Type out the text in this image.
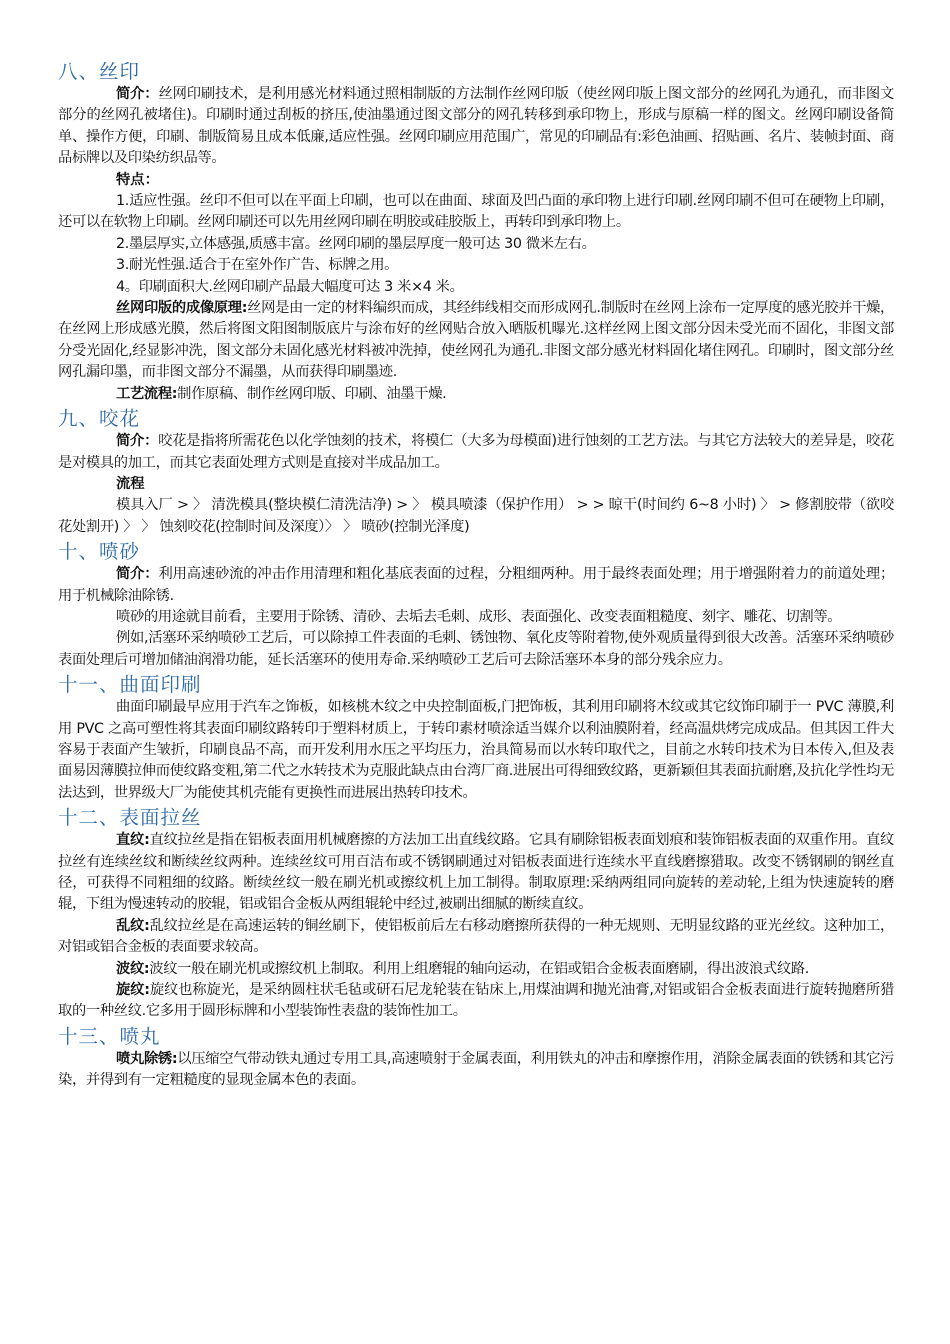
八、丝印

简介：丝网印刷技术，是利用感光材料通过照相制版的方法制作丝网印版（使丝网印版上图文部分的丝网孔为通孔，而非图文部分的丝网孔被堵住)。印刷时通过刮板的挤压,使油墨通过图文部分的网孔转移到承印物上，形成与原稿一样的图文。丝网印刷设备简单、操作方便，印刷、制版简易且成本低廉,适应性强。丝网印刷应用范围广，常见的印刷品有:彩色油画、招贴画、名片、装帧封面、商品标牌以及印染纺织品等。

特点：

1.适应性强。丝印不但可以在平面上印刷，也可以在曲面、球面及凹凸面的承印物上进行印刷.丝网印刷不但可在硬物上印刷，还可以在软物上印刷。丝网印刷还可以先用丝网印刷在明胶或硅胶版上，再转印到承印物上。

2.墨层厚实,立体感强,质感丰富。丝网印刷的墨层厚度一般可达 30 微米左右。

3.耐光性强.适合于在室外作广告、标牌之用。

4。印刷面积大.丝网印刷产品最大幅度可达 3 米×4 米。

丝网印版的成像原理:丝网是由一定的材料编织而成，其经纬线相交而形成网孔.制版时在丝网上涂布一定厚度的感光胶并干燥，在丝网上形成感光膜，然后将图文阳图制版底片与涂布好的丝网贴合放入晒版机曝光.这样丝网上图文部分因未受光而不固化，非图文部分受光固化,经显影冲洗，图文部分未固化感光材料被冲洗掉，使丝网孔为通孔.非图文部分感光材料固化堵住网孔。印刷时，图文部分丝网孔漏印墨，而非图文部分不漏墨，从而获得印刷墨迹.

工艺流程:制作原稿、制作丝网印版、印刷、油墨干燥.

九、咬花

简介：咬花是指将所需花色以化学蚀刻的技术，将模仁（大多为母模面)进行蚀刻的工艺方法。与其它方法较大的差异是，咬花是对模具的加工，而其它表面处理方式则是直接对半成品加工。

流程

模具入厂 > 〉 清洗模具(整块模仁清洗洁净) > 〉 模具喷漆（保护作用） > > 晾干(时间约 6~8 小时) 〉 > 修割胶带（欲咬花处割开) 〉 〉 蚀刻咬花(控制时间及深度）〉 〉 喷砂(控制光泽度)

十、喷砂

简介：利用高速砂流的冲击作用清理和粗化基底表面的过程，分粗细两种。用于最终表面处理；用于增强附着力的前道处理；用于机械除油除锈.

喷砂的用途就目前看，主要用于除锈、清砂、去垢去毛刺、成形、表面强化、改变表面粗糙度、刻字、雕花、切割等。

例如,活塞环采纳喷砂工艺后，可以除掉工件表面的毛刺、锈蚀物、氧化皮等附着物,使外观质量得到很大改善。活塞环采纳喷砂表面处理后可增加储油润滑功能，延长活塞环的使用寿命.采纳喷砂工艺后可去除活塞环本身的部分残余应力。

十一、曲面印刷

曲面印刷最早应用于汽车之饰板，如核桃木纹之中央控制面板,门把饰板，其利用印刷将木纹或其它纹饰印刷于一 PVC 薄膜,利用 PVC 之高可塑性将其表面印刷纹路转印于塑料材质上，于转印素材喷涂适当媒介以利油膜附着，经高温烘烤完成成品。但其因工件大容易于表面产生皱折，印刷良品不高，而开发利用水压之平均压力，治具简易而以水转印取代之，目前之水转印技术为日本传入,但及表面易因薄膜拉伸而使纹路变粗,第二代之水转技术为克服此缺点由台湾厂商.进展出可得细致纹路，更新颖但其表面抗耐磨,及抗化学性均无法达到，世界级大厂为能使其机壳能有更换性而进展出热转印技术。

十二、表面拉丝

直纹:直纹拉丝是指在铝板表面用机械磨擦的方法加工出直线纹路。它具有刷除铝板表面划痕和装饰铝板表面的双重作用。直纹拉丝有连续丝纹和断续丝纹两种。连续丝纹可用百洁布或不锈钢刷通过对铝板表面进行连续水平直线磨擦猎取。改变不锈钢刷的钢丝直径，可获得不同粗细的纹路。断续丝纹一般在刷光机或擦纹机上加工制得。制取原理:采纳两组同向旋转的差动轮,上组为快速旋转的磨辊，下组为慢速转动的胶辊，铝或铝合金板从两组辊轮中经过,被刷出细腻的断续直纹。

乱纹:乱纹拉丝是在高速运转的铜丝刷下，使铝板前后左右移动磨擦所获得的一种无规则、无明显纹路的亚光丝纹。这种加工，对铝或铝合金板的表面要求较高。

波纹:波纹一般在刷光机或擦纹机上制取。利用上组磨辊的轴向运动，在铝或铝合金板表面磨刷，得出波浪式纹路.

旋纹:旋纹也称旋光，是采纳圆柱状毛毡或研石尼龙轮装在钻床上,用煤油调和抛光油膏,对铝或铝合金板表面进行旋转抛磨所猎取的一种丝纹.它多用于圆形标牌和小型装饰性表盘的装饰性加工。

十三、喷丸

喷丸除锈:以压缩空气带动铁丸通过专用工具,高速喷射于金属表面，利用铁丸的冲击和摩擦作用，消除金属表面的铁锈和其它污染，并得到有一定粗糙度的显现金属本色的表面。
